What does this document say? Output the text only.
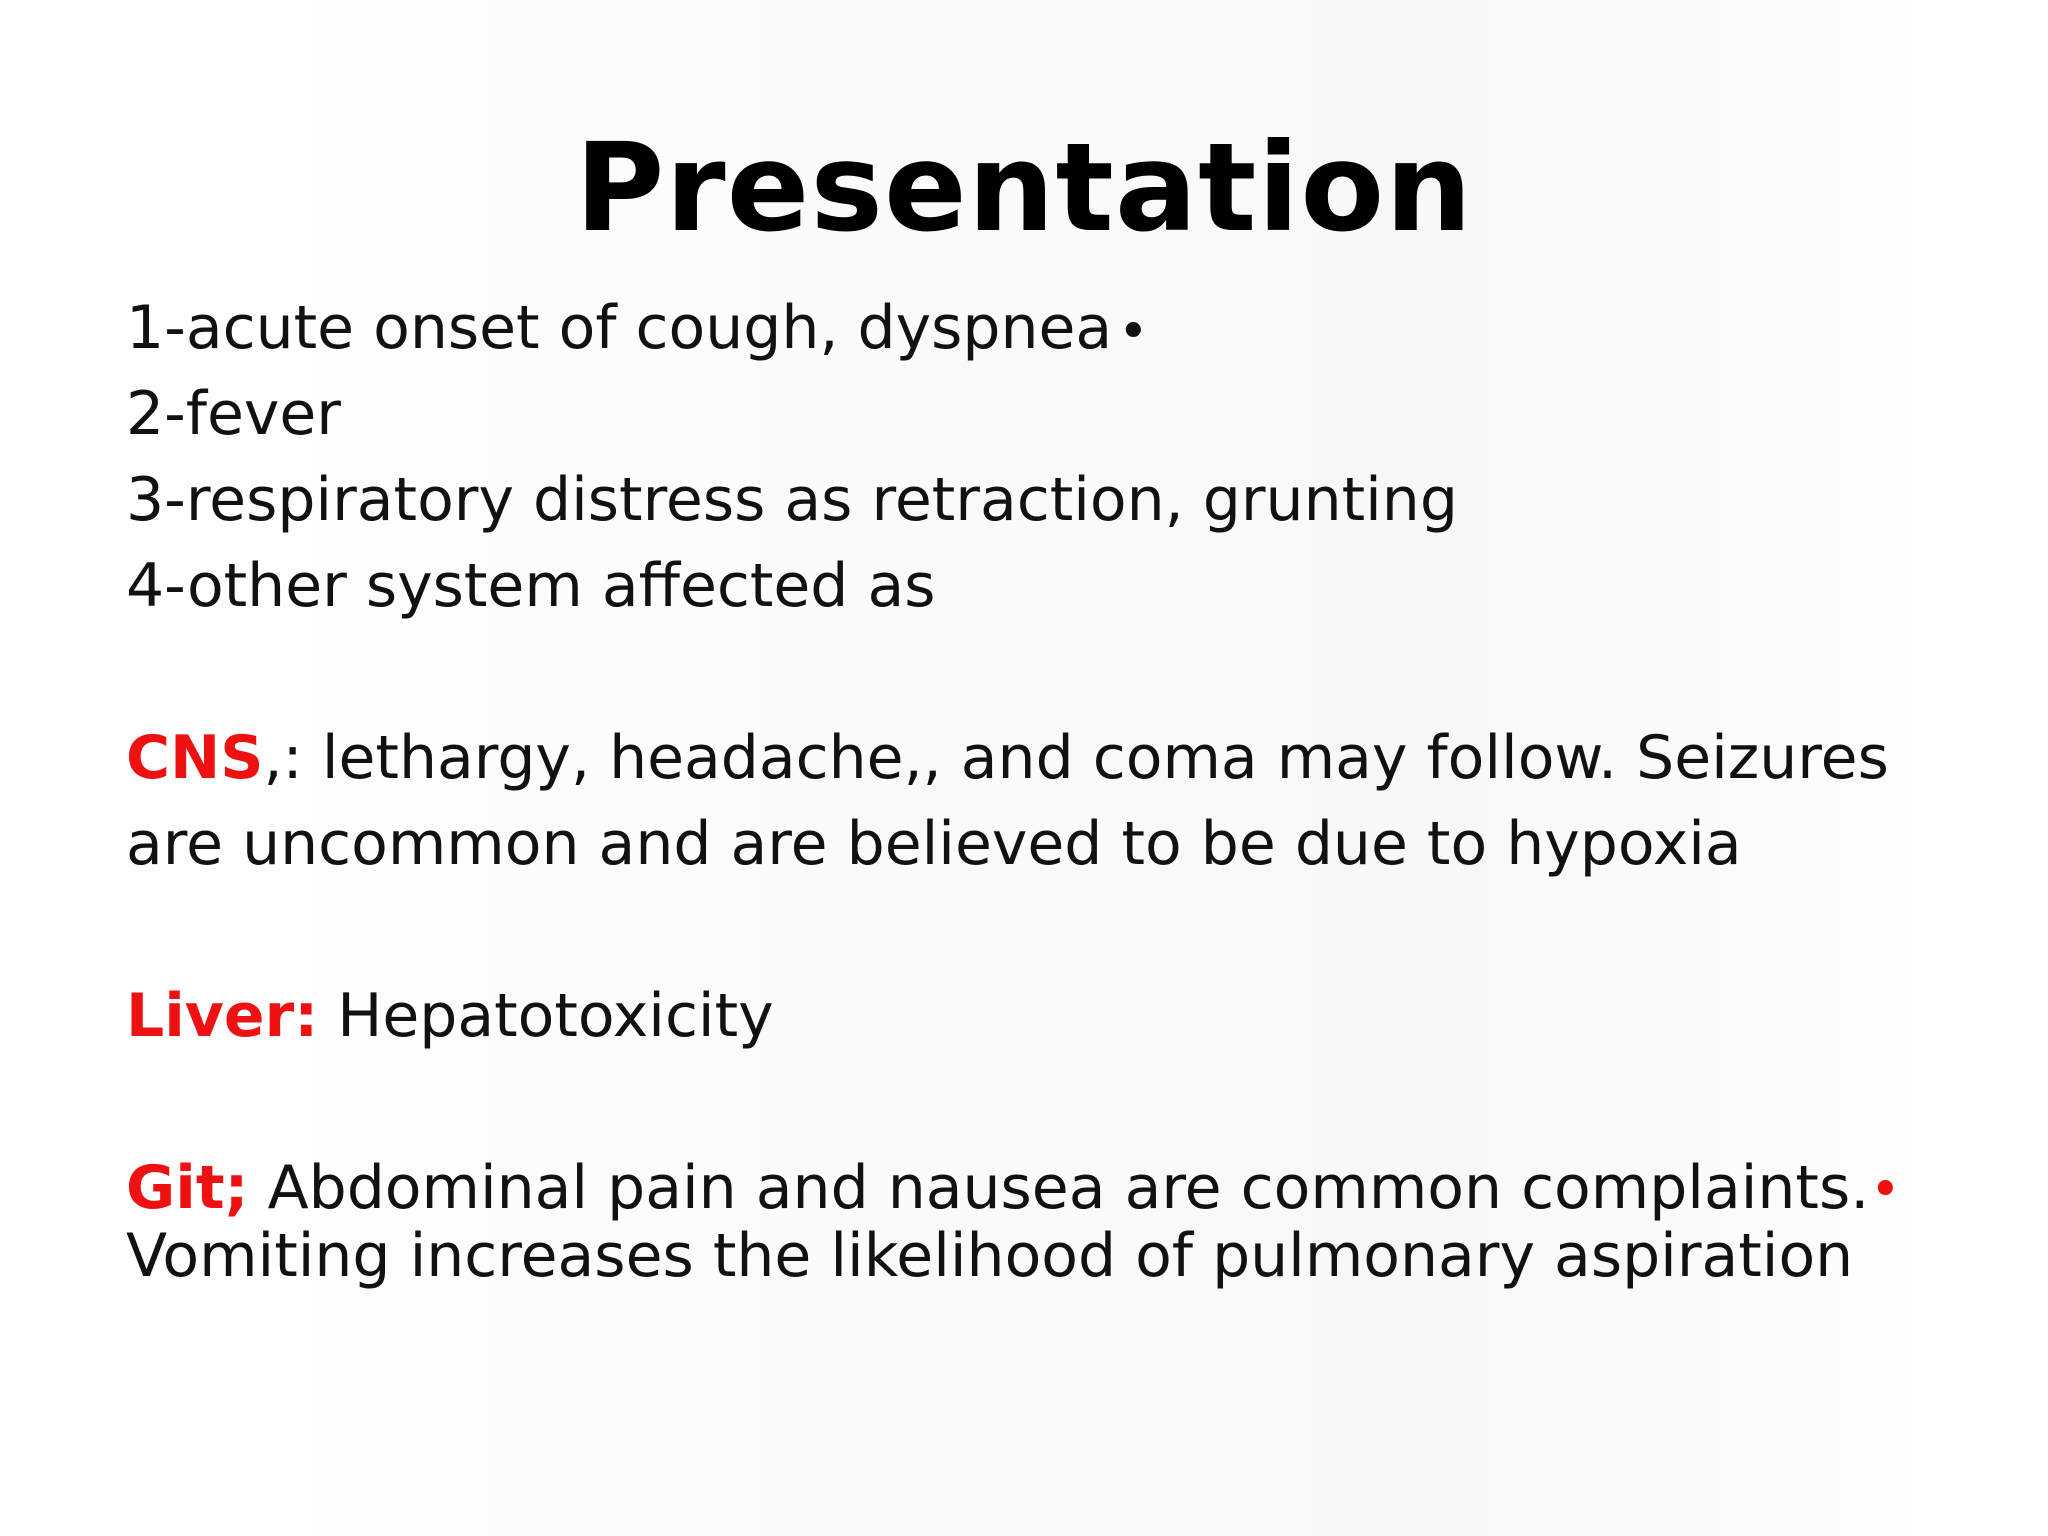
Presentation
1-acute onset of cough, dyspnea •
2-fever
3-respiratory distress as retraction, grunting
4-other system affected as
CNS,: lethargy, headache,, and coma may follow. Seizures
are uncommon and are believed to be due to hypoxia
Liver: Hepatotoxicity
Git; Abdominal pain and nausea are common complaints. •
Vomiting increases the likelihood of pulmonary aspiration
